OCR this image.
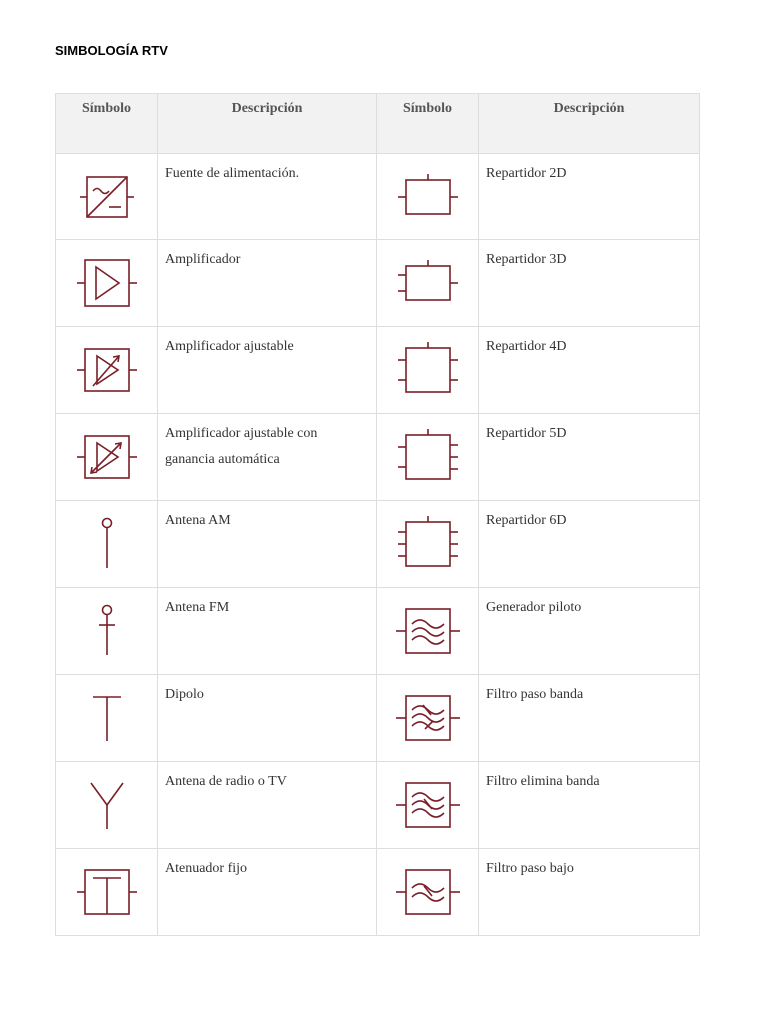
SIMBOLOGÍA RTV
Símbolo	Descripción	Símbolo	Descripción

	Fuente de alimentación.		Repartidor 2D

	Amplificador		Repartidor 3D

	Amplificador ajustable		Repartidor 4D

	Amplificador ajustable con ganancia automática		Repartidor 5D

	Antena AM		Repartidor 6D

	Antena FM		Generador piloto

	Dipolo		Filtro paso banda

	Antena de radio o TV		Filtro elimina banda

	Atenuador fijo		Filtro paso bajo
